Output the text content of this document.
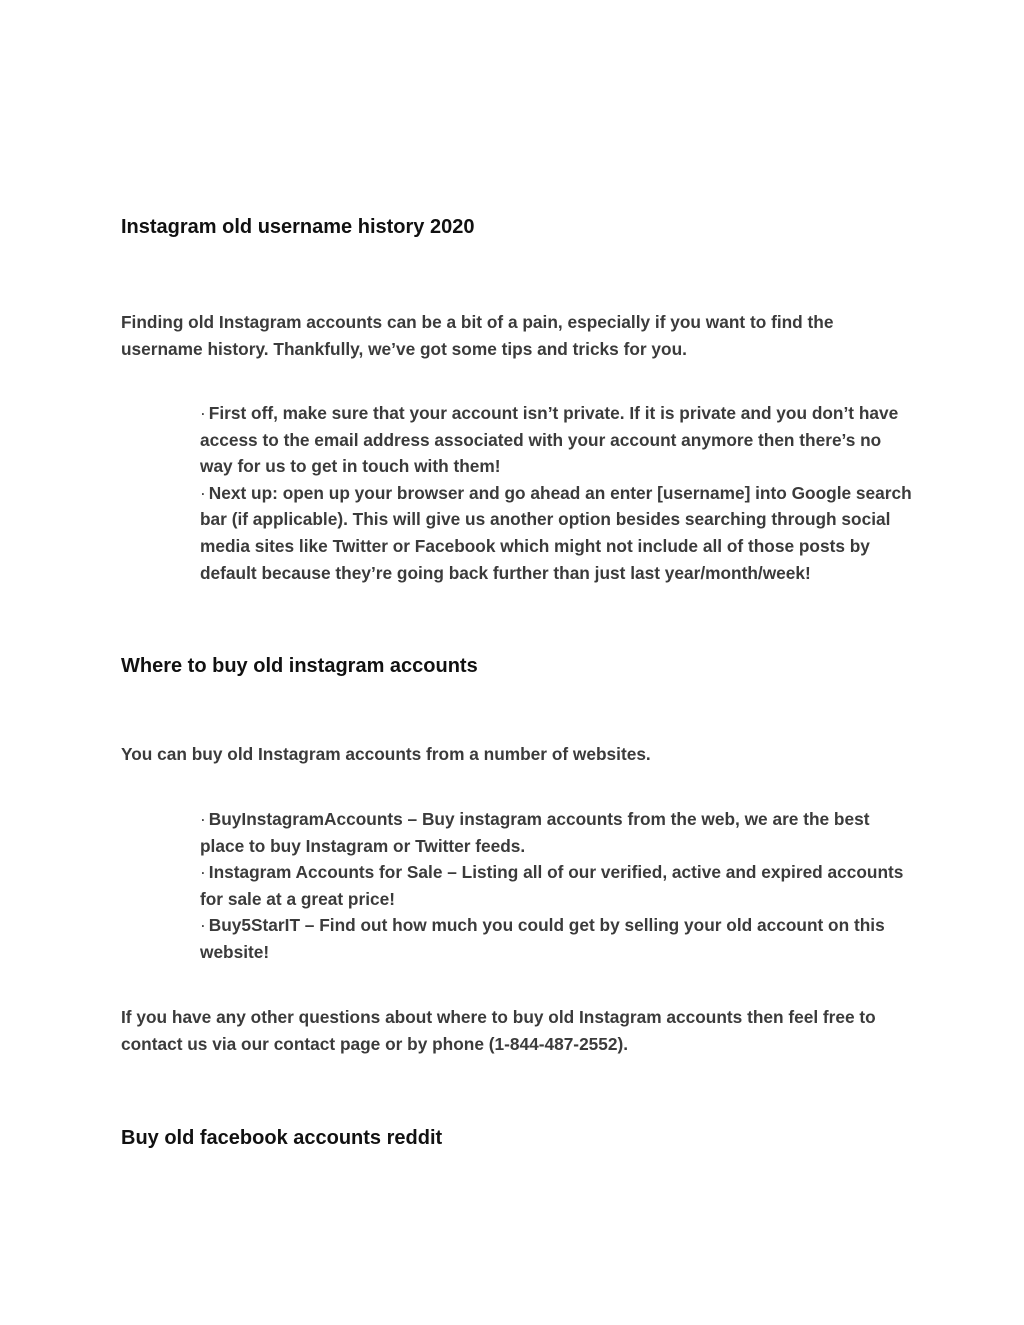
Instagram old username history 2020

Finding old Instagram accounts can be a bit of a pain, especially if you want to find the username history. Thankfully, we’ve got some tips and tricks for you.

· First off, make sure that your account isn’t private. If it is private and you don’t have access to the email address associated with your account anymore then there’s no way for us to get in touch with them!
· Next up: open up your browser and go ahead an enter [username] into Google search bar (if applicable). This will give us another option besides searching through social media sites like Twitter or Facebook which might not include all of those posts by default because they’re going back further than just last year/month/week!
Where to buy old instagram accounts

You can buy old Instagram accounts from a number of websites.

· BuyInstagramAccounts – Buy instagram accounts from the web, we are the best place to buy Instagram or Twitter feeds.
· Instagram Accounts for Sale – Listing all of our verified, active and expired accounts for sale at a great price!
· Buy5StarIT – Find out how much you could get by selling your old account on this website!

If you have any other questions about where to buy old Instagram accounts then feel free to contact us via our contact page or by phone (1-844-487-2552).

Buy old facebook accounts reddit
